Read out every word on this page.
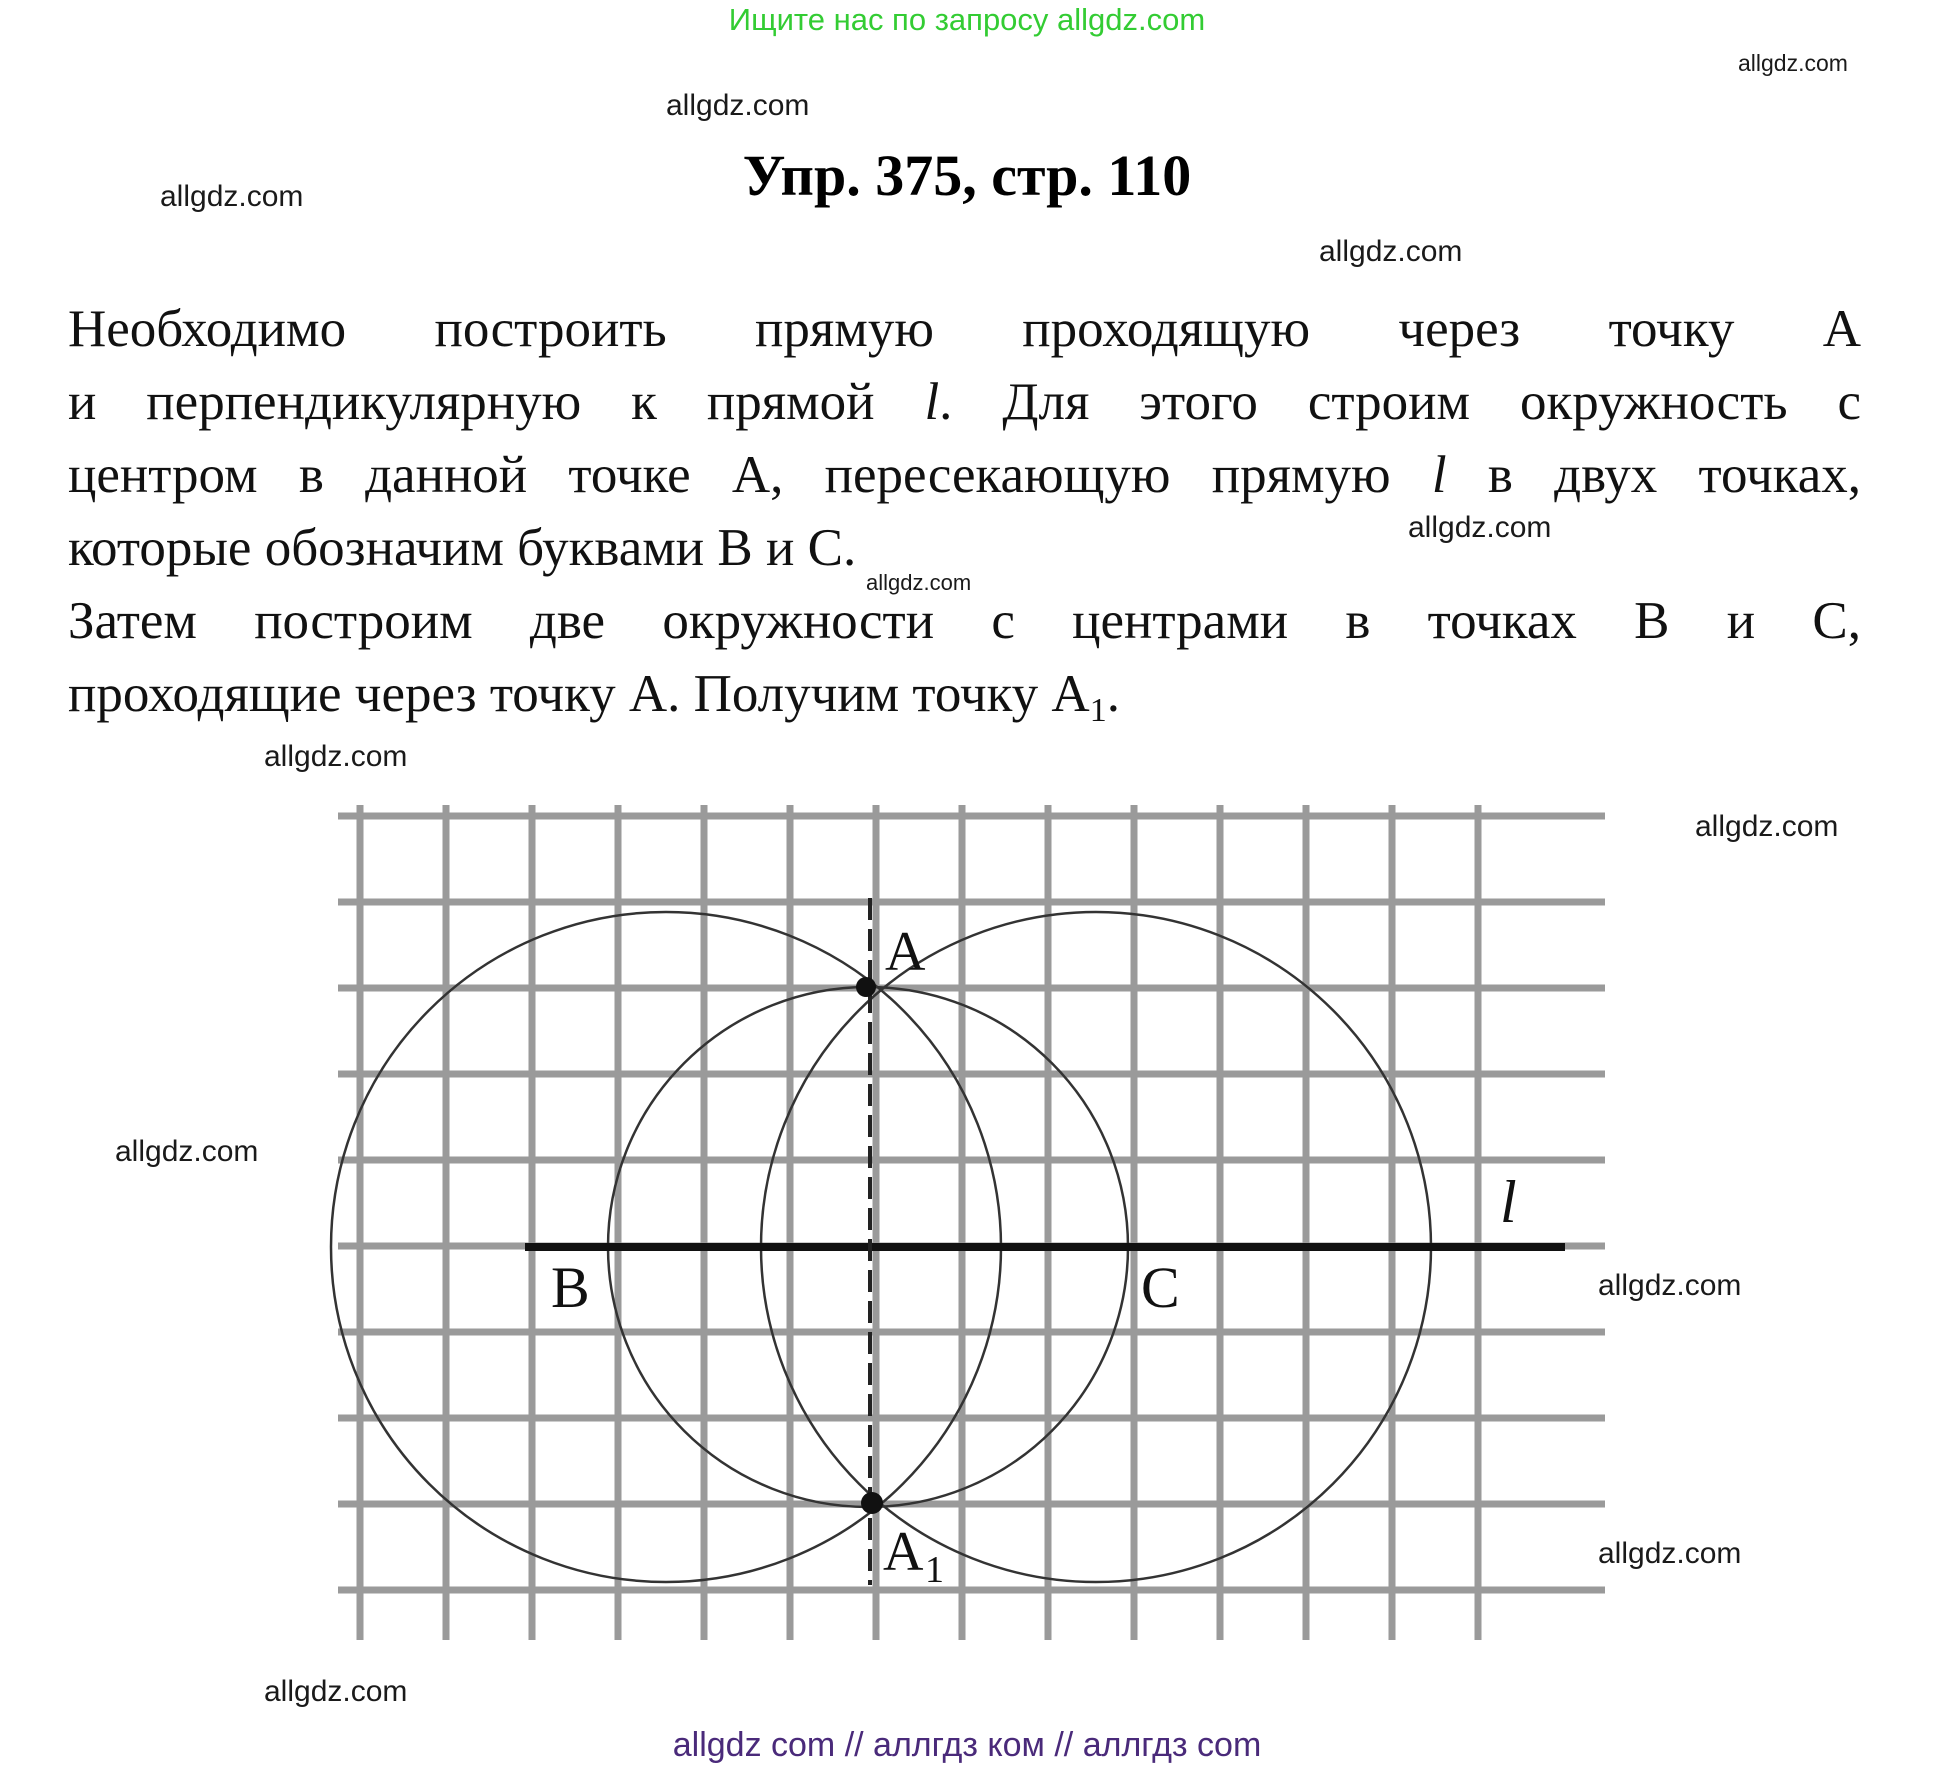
Ищите нас по запросу allgdz.com
allgdz.com
allgdz.com
allgdz.com
allgdz.com
allgdz.com
allgdz.com
allgdz.com
allgdz.com
allgdz.com
allgdz.com
allgdz.com
allgdz.com
Упр. 375, стр. 110
Необходимо построить прямую проходящую через точку А
и перпендикулярную к прямой l. Для этого строим окружность с
центром в данной точке А, пересекающую прямую l в двух точках,
которые обозначим буквами В и С.
Затем построим две окружности с центрами в точках В и С,
проходящие через точку А. Получим точку $А_1$.
A
B	C
A 1
l
allgdz com // аллгдз ком // аллгдз com
